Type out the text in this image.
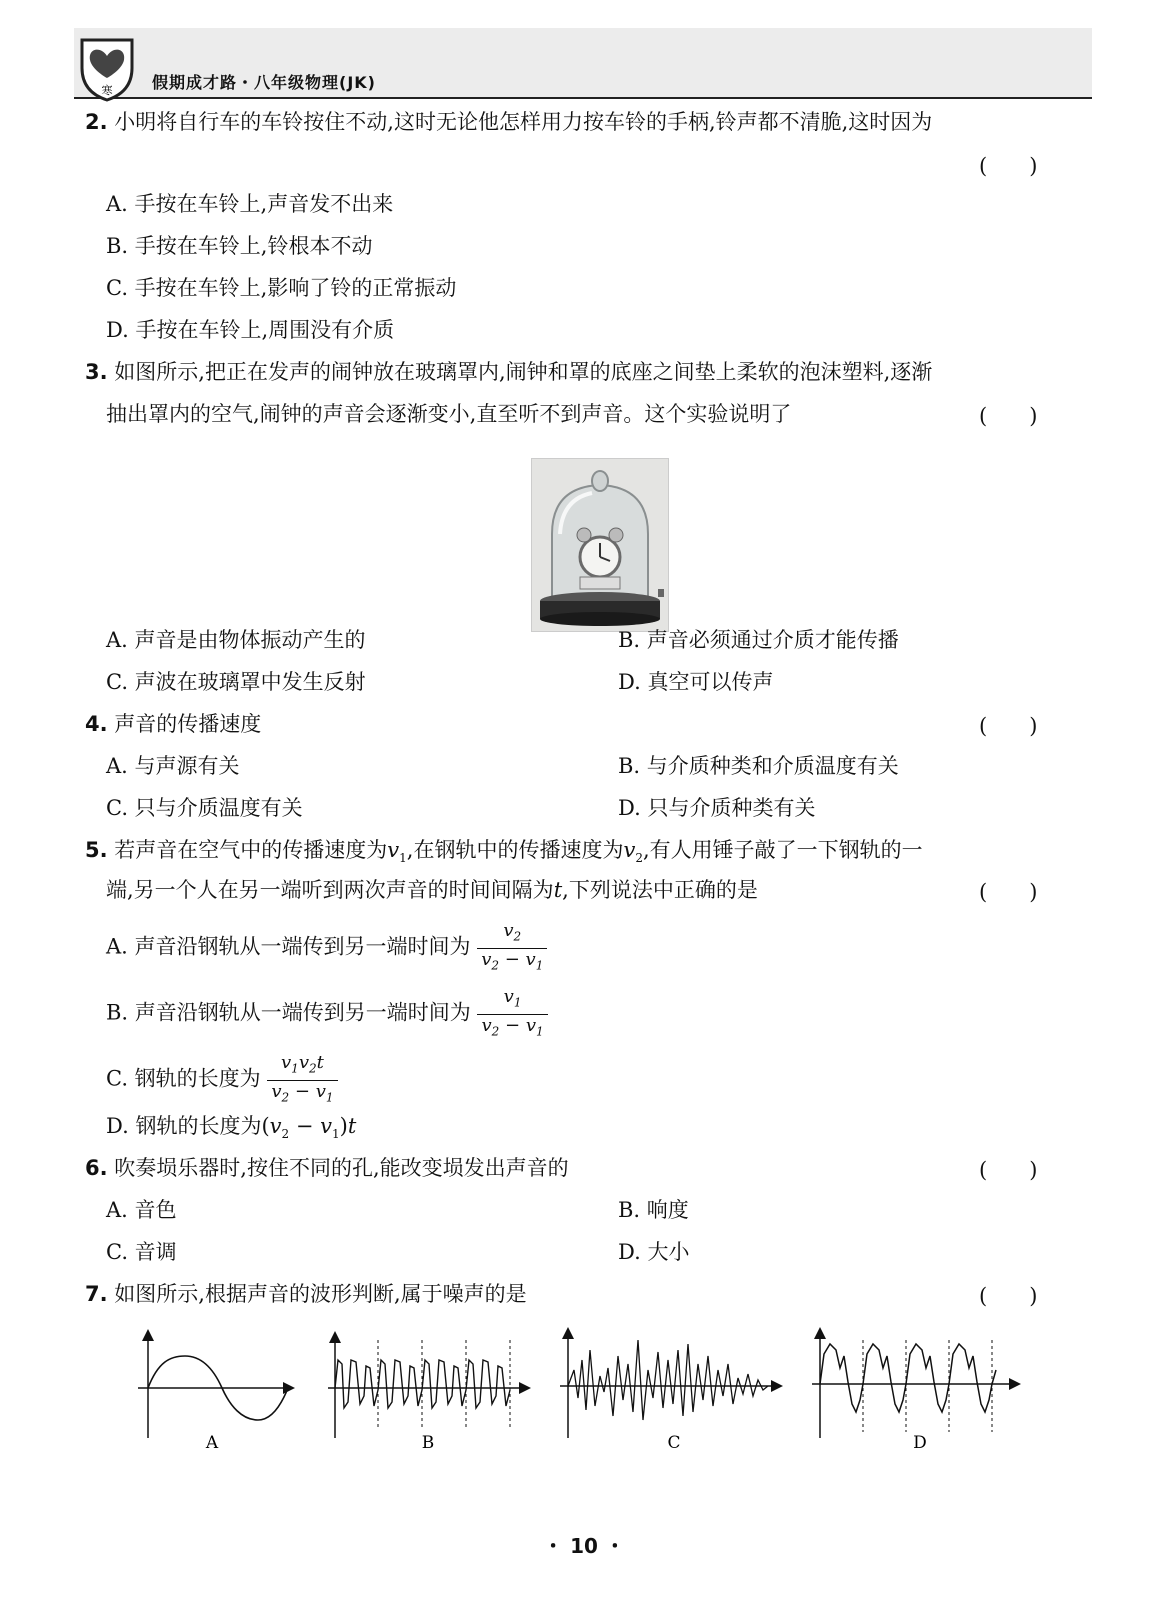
寒 假期成才路・八年级物理(JK)
2. 小明将自行车的车铃按住不动,这时无论他怎样用力按车铃的手柄,铃声都不清脆,这时因为
(　　)
A. 手按在车铃上,声音发不出来
B. 手按在车铃上,铃根本不动
C. 手按在车铃上,影响了铃的正常振动
D. 手按在车铃上,周围没有介质
3. 如图所示,把正在发声的闹钟放在玻璃罩内,闹钟和罩的底座之间垫上柔软的泡沫塑料,逐渐
抽出罩内的空气,闹钟的声音会逐渐变小,直至听不到声音。这个实验说明了	(　　)
A. 声音是由物体振动产生的	B. 声音必须通过介质才能传播
C. 声波在玻璃罩中发生反射	D. 真空可以传声
4. 声音的传播速度	(　　)
A. 与声源有关	B. 与介质种类和介质温度有关
C. 只与介质温度有关	D. 只与介质种类有关
5. 若声音在空气中的传播速度为$v_1$,在钢轨中的传播速度为$v_2$,有人用锤子敲了一下钢轨的一
端,另一个人在另一端听到两次声音的时间间隔为t,下列说法中正确的是	(　　)
A. 声音沿钢轨从一端传到另一端时间为 $\frac{v_2}{v_2 - v_1}$
B. 声音沿钢轨从一端传到另一端时间为 $\frac{v_1}{v_2 - v_1}$
C. 钢轨的长度为 $\frac{v_1v_2t}{v_2 - v_1}$
D. 钢轨的长度为$(v_2 - v_1)t$
6. 吹奏埙乐器时,按住不同的孔,能改变埙发出声音的	(　　)
A. 音色	B. 响度
C. 音调	D. 大小
7. 如图所示,根据声音的波形判断,属于噪声的是	(　　)
A	B	C	D
・ 10 ・
